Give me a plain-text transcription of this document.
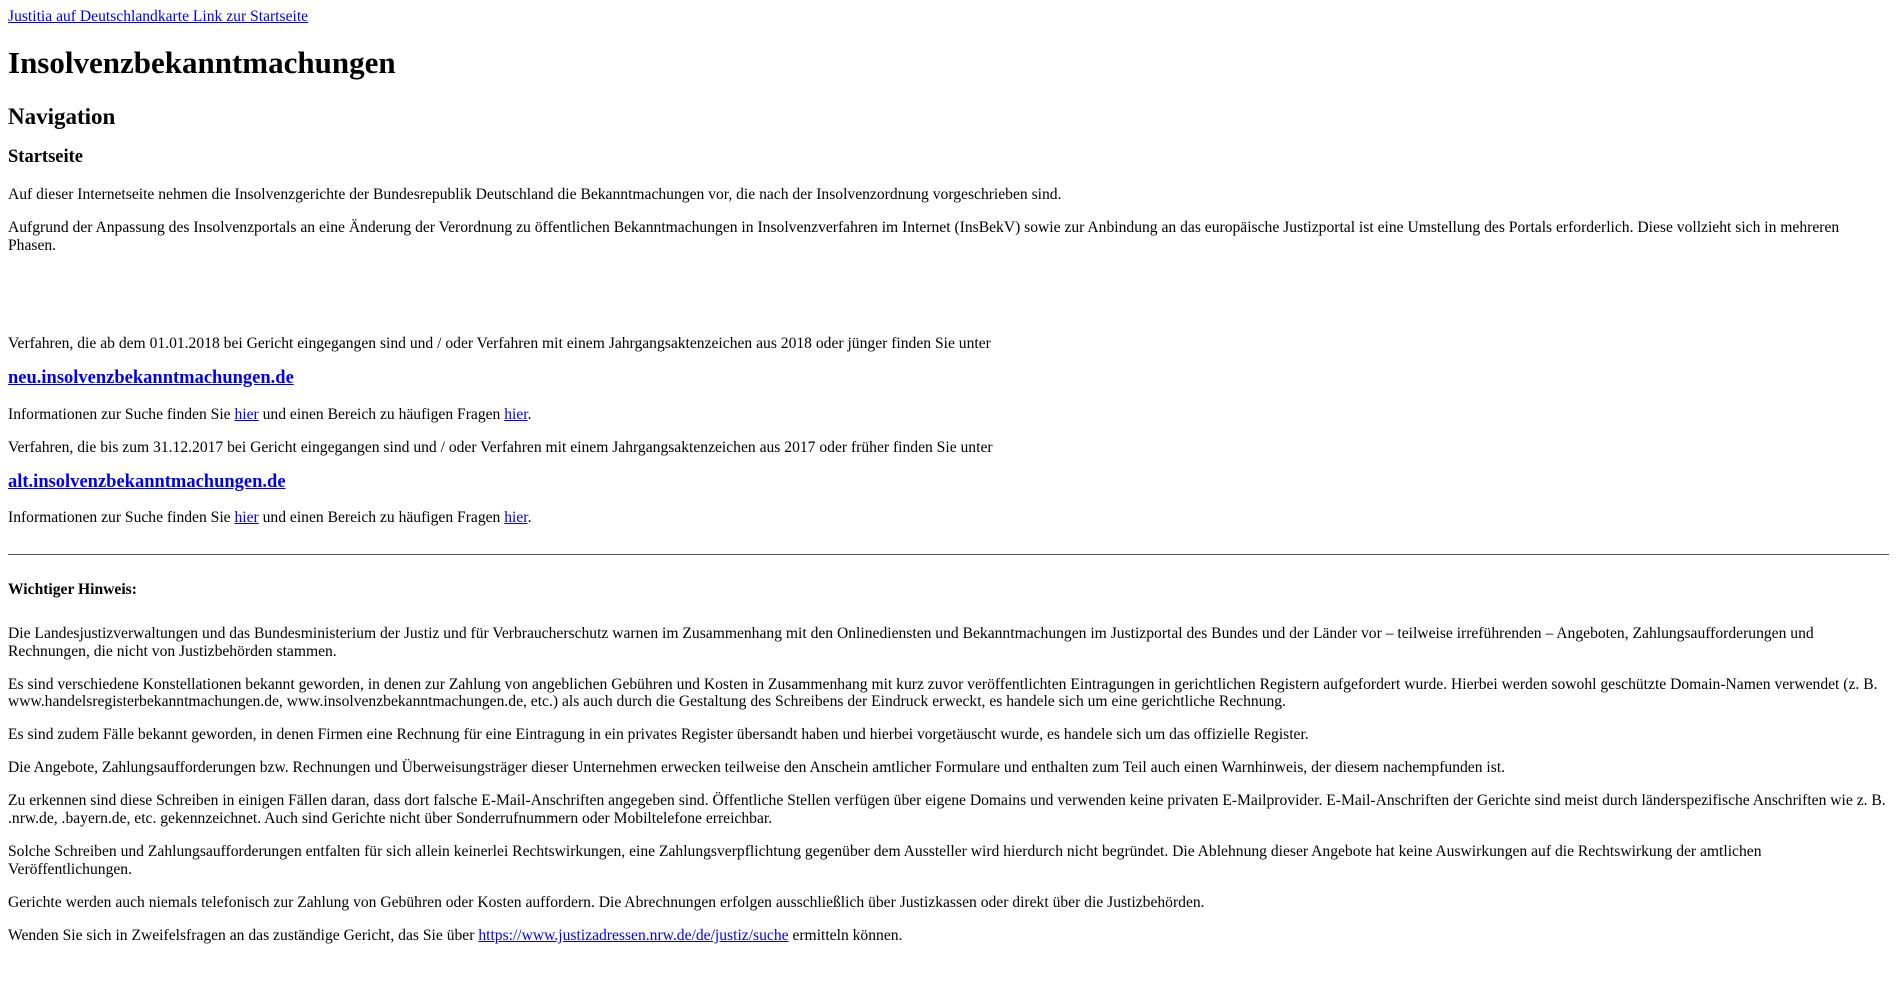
Justitia auf Deutschlandkarte Link zur Startseite
Insolvenzbekanntmachungen
Navigation
Startseite

Auf dieser Internetseite nehmen die Insolvenzgerichte der Bundesrepublik Deutschland die Bekanntmachungen vor, die nach der Insolvenzordnung vorgeschrieben sind.

Aufgrund der Anpassung des Insolvenzportals an eine Änderung der Verordnung zu öffentlichen Bekanntmachungen in Insolvenzverfahren im Internet (InsBekV) sowie zur Anbindung an das europäische Justizportal ist eine Umstellung des Portals erforderlich. Diese vollzieht sich in mehreren Phasen.

Verfahren, die ab dem 01.01.2018 bei Gericht eingegangen sind und / oder Verfahren mit einem Jahrgangsaktenzeichen aus 2018 oder jünger finden Sie unter

neu.insolvenzbekanntmachungen.de

Informationen zur Suche finden Sie hier und einen Bereich zu häufigen Fragen hier.

Verfahren, die bis zum 31.12.2017 bei Gericht eingegangen sind und / oder Verfahren mit einem Jahrgangsaktenzeichen aus 2017 oder früher finden Sie unter

alt.insolvenzbekanntmachungen.de

Informationen zur Suche finden Sie hier und einen Bereich zu häufigen Fragen hier.

Wichtiger Hinweis:

Die Landesjustizverwaltungen und das Bundesministerium der Justiz und für Verbraucherschutz warnen im Zusammenhang mit den Onlinediensten und Bekanntmachungen im Justizportal des Bundes und der Länder vor – teilweise irreführenden – Angeboten, Zahlungsaufforderungen und Rechnungen, die nicht von Justizbehörden stammen.

Es sind verschiedene Konstellationen bekannt geworden, in denen zur Zahlung von angeblichen Gebühren und Kosten in Zusammenhang mit kurz zuvor veröffentlichten Eintragungen in gerichtlichen Registern aufgefordert wurde. Hierbei werden sowohl geschützte Domain-Namen verwendet (z. B. www.handelsregisterbekanntmachungen.de, www.insolvenzbekanntmachungen.de, etc.) als auch durch die Gestaltung des Schreibens der Eindruck erweckt, es handele sich um eine gerichtliche Rechnung.

Es sind zudem Fälle bekannt geworden, in denen Firmen eine Rechnung für eine Eintragung in ein privates Register übersandt haben und hierbei vorgetäuscht wurde, es handele sich um das offizielle Register.

Die Angebote, Zahlungsaufforderungen bzw. Rechnungen und Überweisungsträger dieser Unternehmen erwecken teilweise den Anschein amtlicher Formulare und enthalten zum Teil auch einen Warnhinweis, der diesem nachempfunden ist.

Zu erkennen sind diese Schreiben in einigen Fällen daran, dass dort falsche E-Mail-Anschriften angegeben sind. Öffentliche Stellen verfügen über eigene Domains und verwenden keine privaten E-Mailprovider. E-Mail-Anschriften der Gerichte sind meist durch länderspezifische Anschriften wie z. B. .nrw.de, .bayern.de, etc. gekennzeichnet. Auch sind Gerichte nicht über Sonderrufnummern oder Mobiltelefone erreichbar.

Solche Schreiben und Zahlungsaufforderungen entfalten für sich allein keinerlei Rechtswirkungen, eine Zahlungsverpflichtung gegenüber dem Aussteller wird hierdurch nicht begründet. Die Ablehnung dieser Angebote hat keine Auswirkungen auf die Rechtswirkung der amtlichen Veröffentlichungen.

Gerichte werden auch niemals telefonisch zur Zahlung von Gebühren oder Kosten auffordern. Die Abrechnungen erfolgen ausschließlich über Justizkassen oder direkt über die Justizbehörden.

Wenden Sie sich in Zweifelsfragen an das zuständige Gericht, das Sie über https://www.justizadressen.nrw.de/de/justiz/suche ermitteln können.
